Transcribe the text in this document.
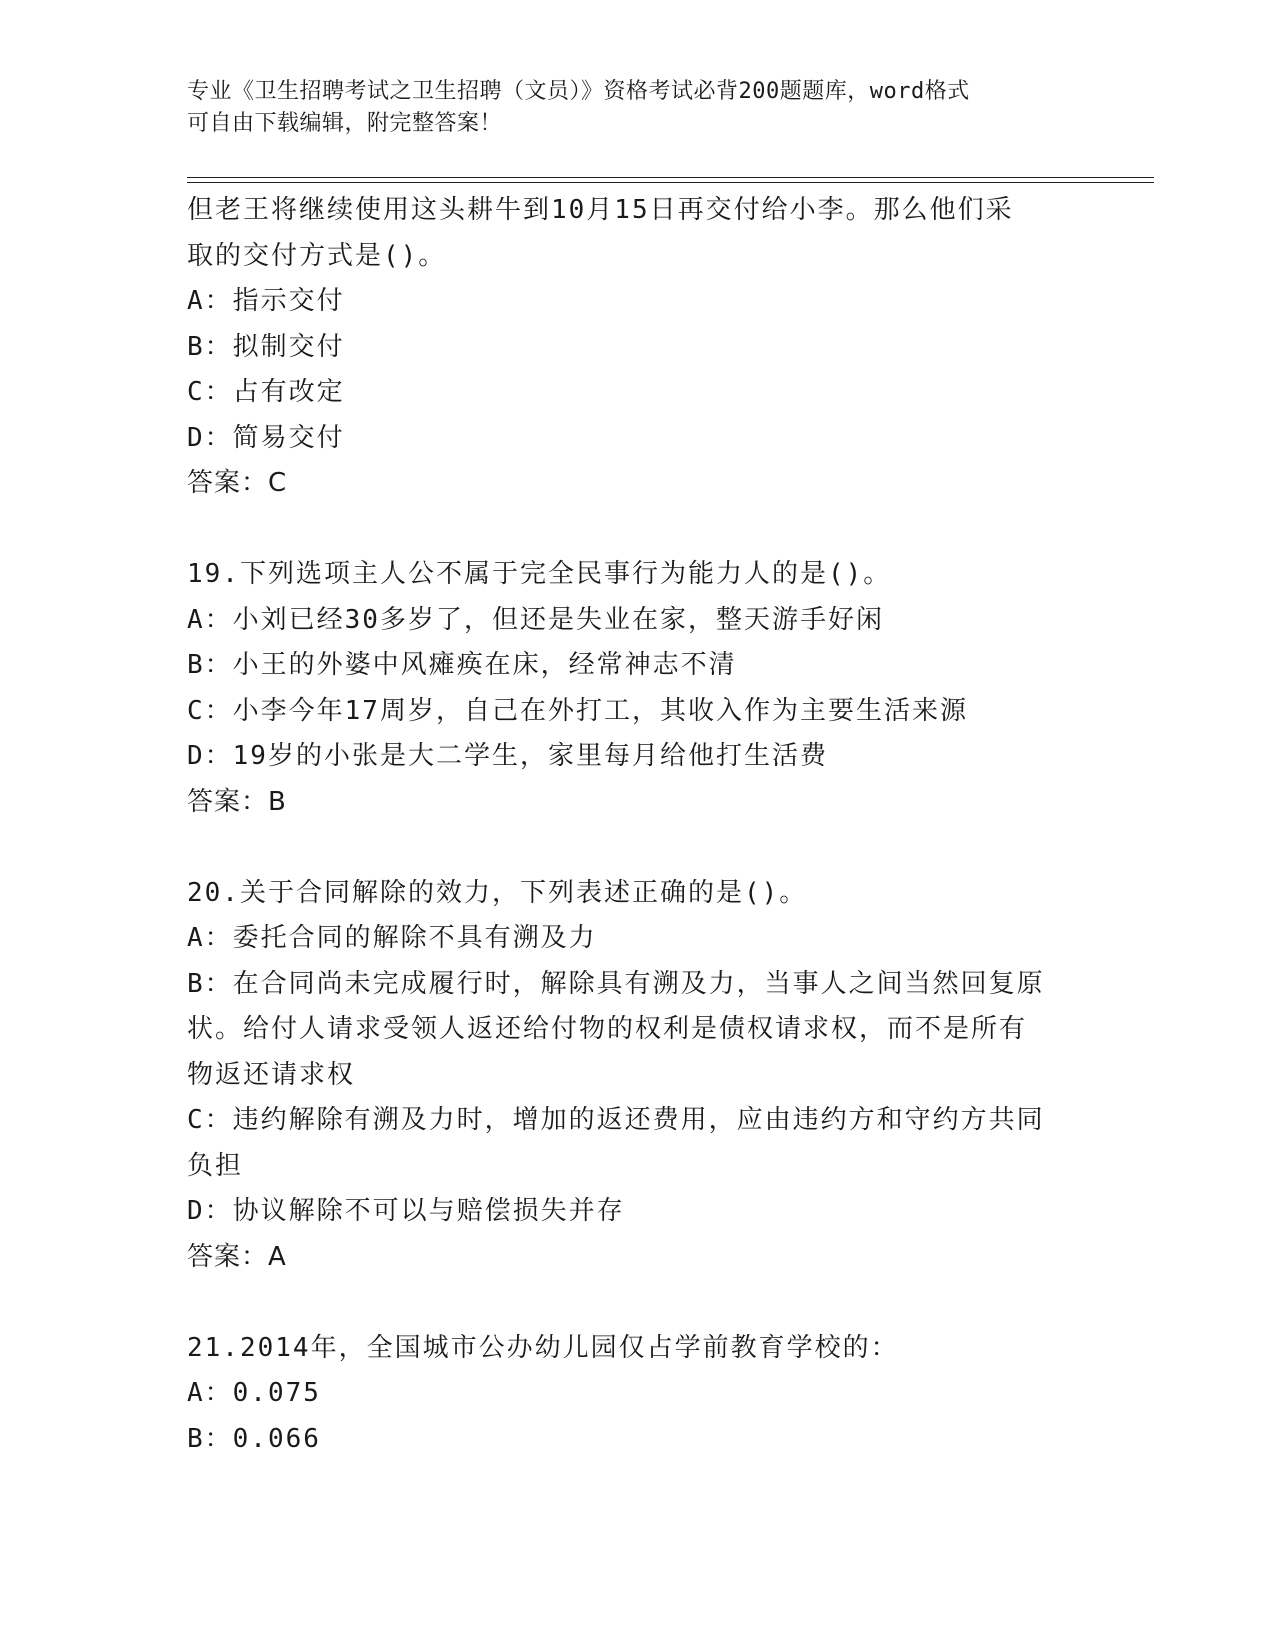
专业《卫生招聘考试之卫生招聘（文员）》资格考试必背200题题库，word格式
可自由下载编辑，附完整答案！
但老王将继续使用这头耕牛到10月15日再交付给小李。那么他们采
取的交付方式是()。
A：指示交付
B：拟制交付
C：占有改定
D：简易交付
答案：C
19.下列选项主人公不属于完全民事行为能力人的是()。
A：小刘已经30多岁了，但还是失业在家，整天游手好闲
B：小王的外婆中风瘫痪在床，经常神志不清
C：小李今年17周岁，自己在外打工，其收入作为主要生活来源
D：19岁的小张是大二学生，家里每月给他打生活费
答案：B
20.关于合同解除的效力，下列表述正确的是()。
A：委托合同的解除不具有溯及力
B：在合同尚未完成履行时，解除具有溯及力，当事人之间当然回复原
状。给付人请求受领人返还给付物的权利是债权请求权，而不是所有
物返还请求权
C：违约解除有溯及力时，增加的返还费用，应由违约方和守约方共同
负担
D：协议解除不可以与赔偿损失并存
答案：A
21.2014年，全国城市公办幼儿园仅占学前教育学校的：
A：0.075
B：0.066
